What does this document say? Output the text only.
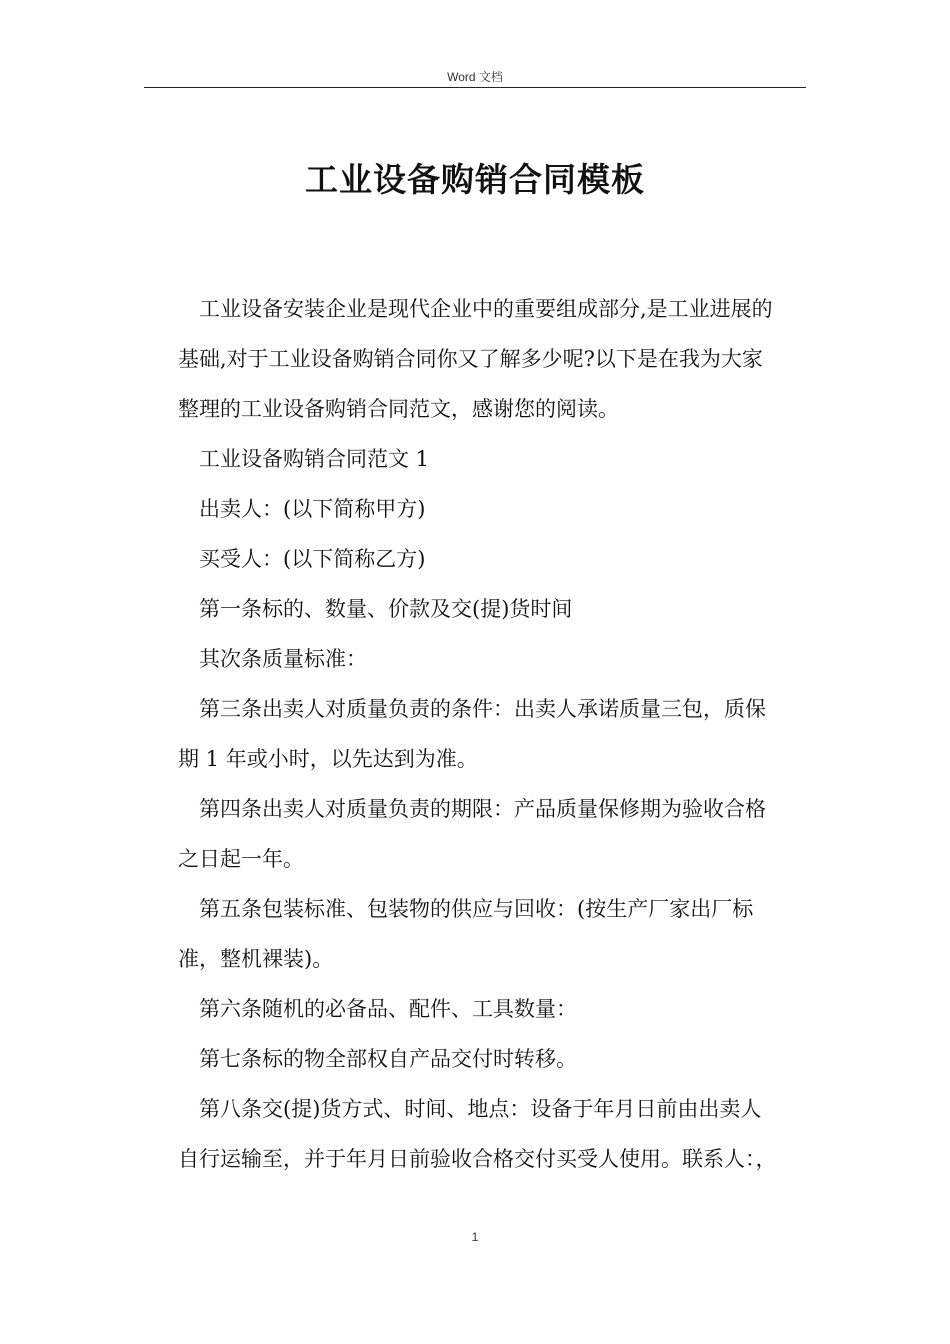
Word 文档
工业设备购销合同模板

工业设备安装企业是现代企业中的重要组成部分,是工业进展的
基础,对于工业设备购销合同你又了解多少呢?以下是在我为大家
整理的工业设备购销合同范文，感谢您的阅读。

工业设备购销合同范文 1

出卖人：(以下简称甲方)

买受人：(以下简称乙方)

第一条标的、数量、价款及交(提)货时间

其次条质量标准：

第三条出卖人对质量负责的条件：出卖人承诺质量三包，质保
期 1 年或小时，以先达到为准。

第四条出卖人对质量负责的期限：产品质量保修期为验收合格
之日起一年。

第五条包装标准、包装物的供应与回收：(按生产厂家出厂标
准，整机裸装)。

第六条随机的必备品、配件、工具数量：

第七条标的物全部权自产品交付时转移。

第八条交(提)货方式、时间、地点：设备于年月日前由出卖人
自行运输至，并于年月日前验收合格交付买受人使用。联系人：，

1
